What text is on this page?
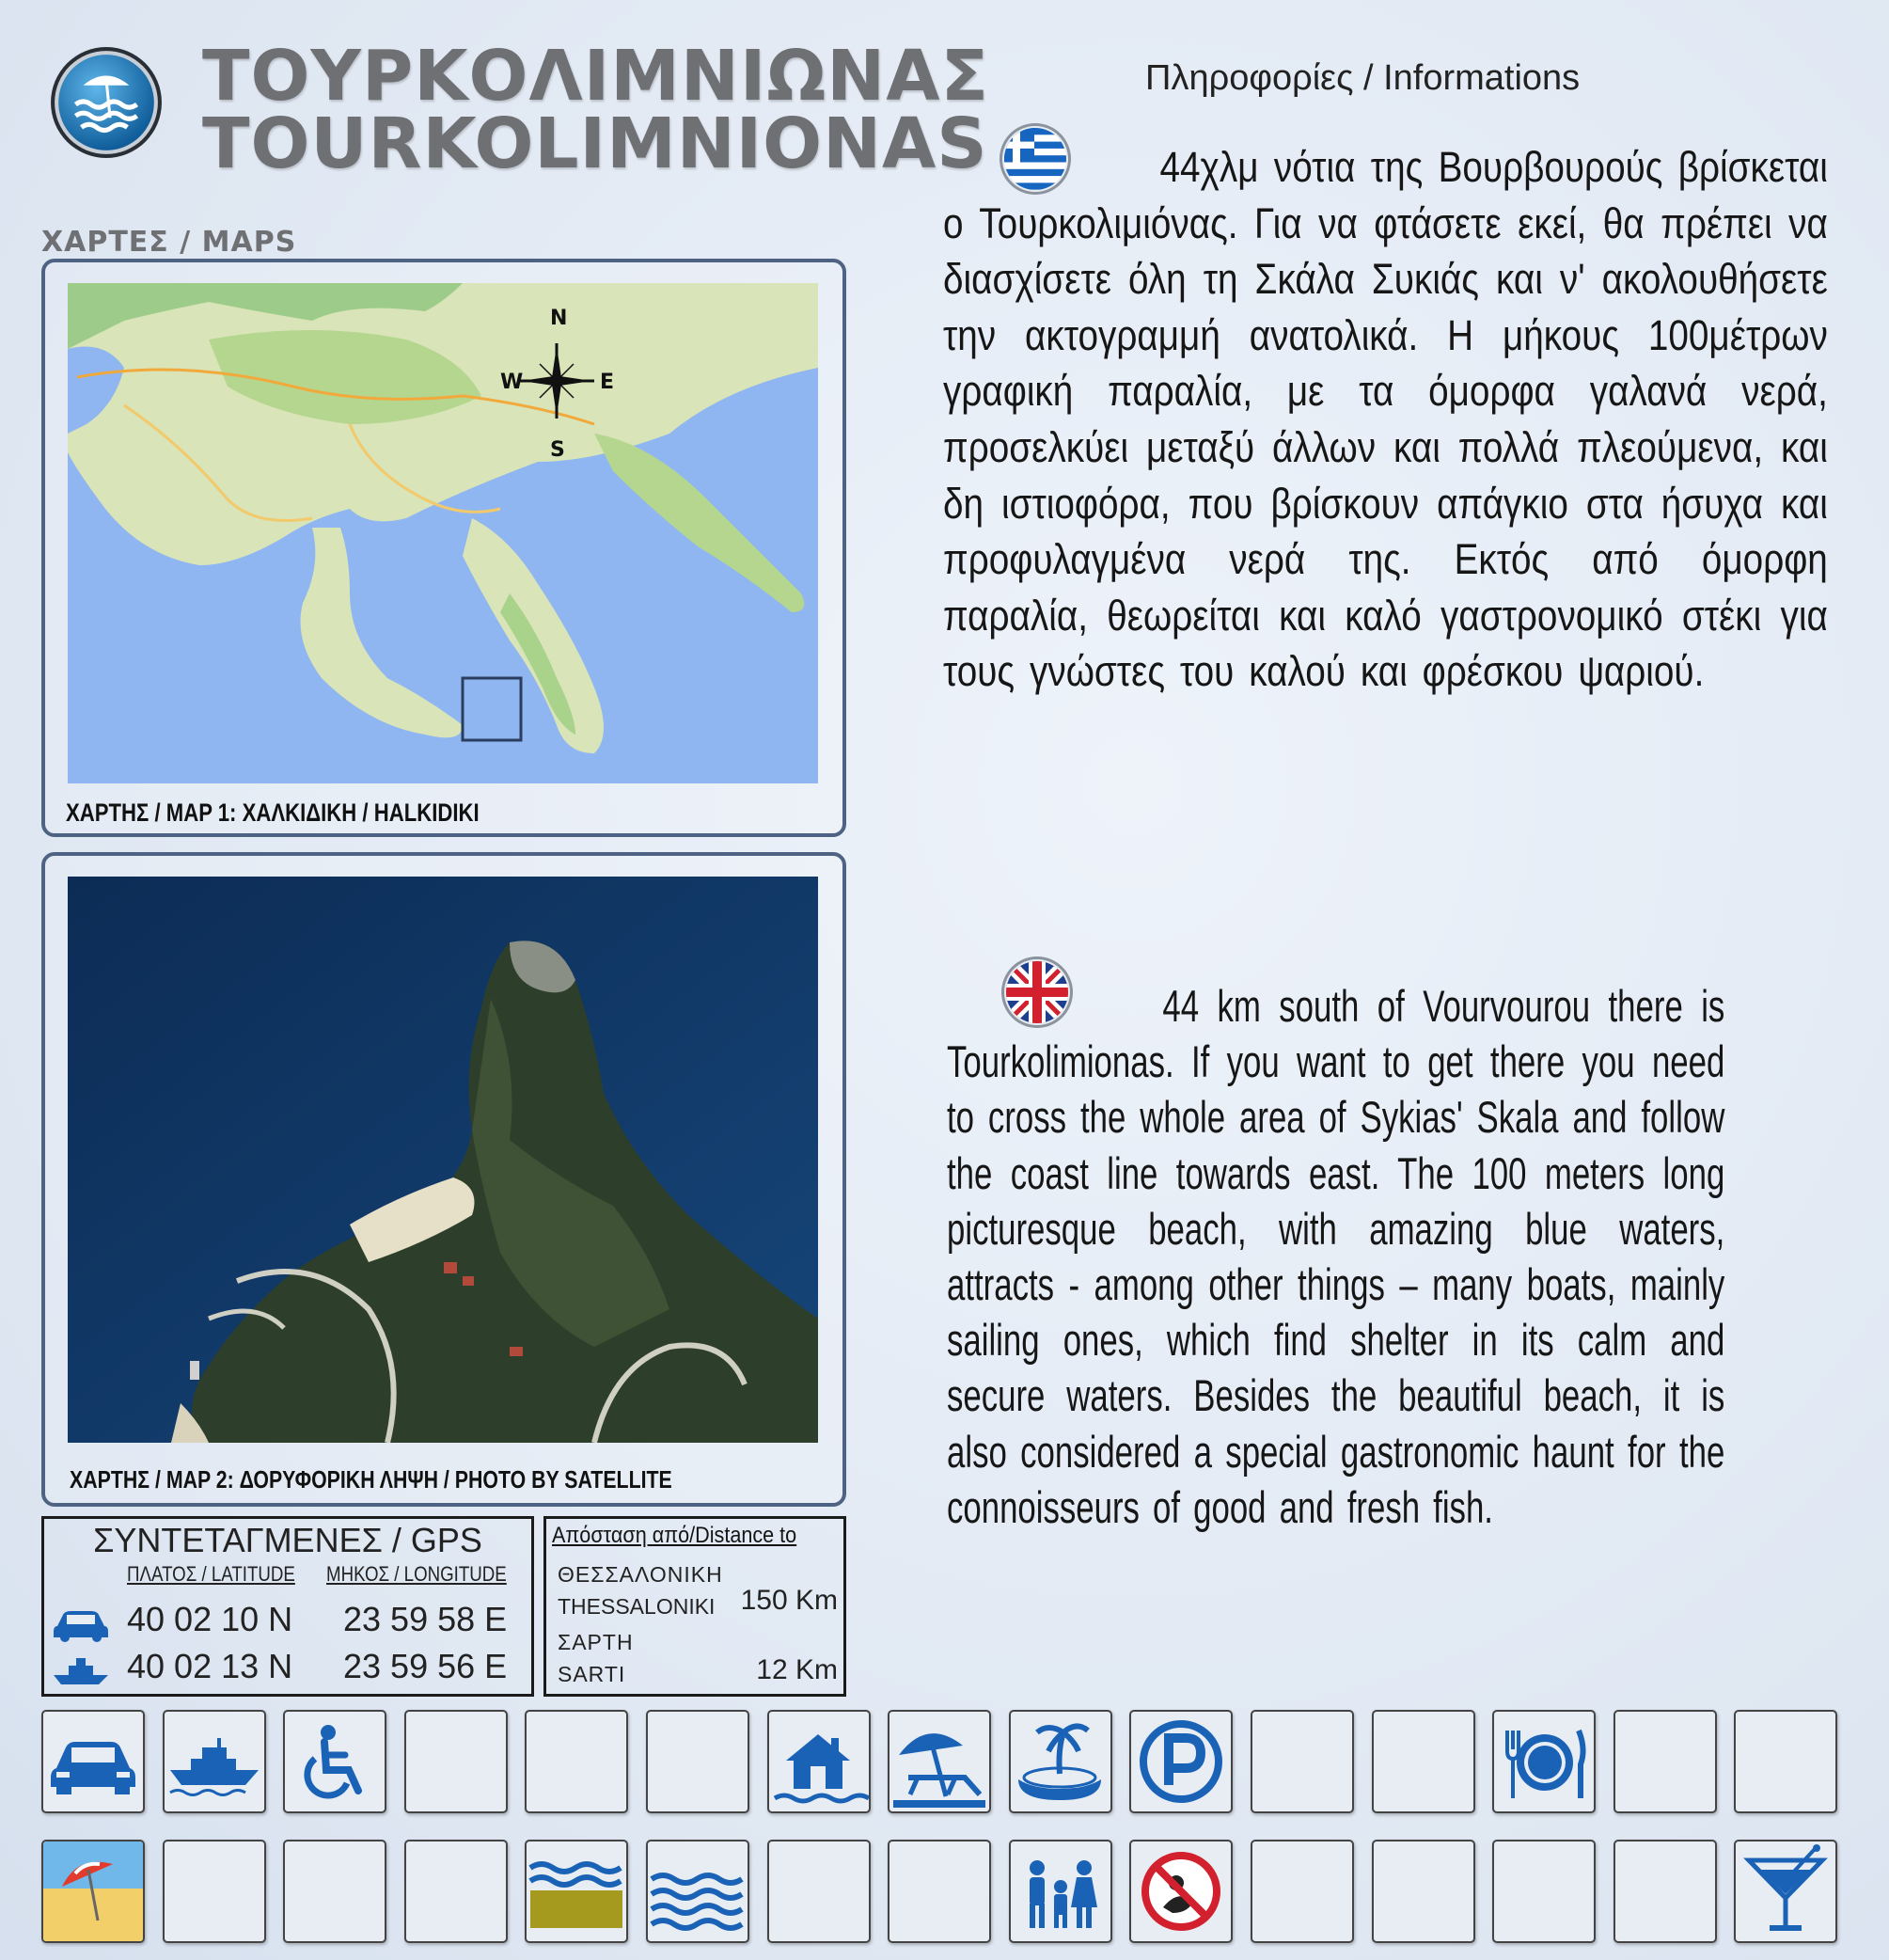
ΤΟΥΡΚΟΛΙΜΝΙΩΝΑΣ
TOURKOLIMNIONAS
ΧΑΡΤΕΣ / MAPS
N
S
E
W
ΧΑΡΤΗΣ / MAP 1: ΧΑΛΚΙΔΙΚΗ / HALKIDIKI
ΧΑΡΤΗΣ / MAP 2: ΔΟΡΥΦΟΡΙΚΗ ΛΗΨΗ / PHOTO BY SATELLITE
ΣΥΝΤΕΤΑΓΜΕΝΕΣ / GPS
ΠΛΑΤΟΣ / LATITUDE ΜΗΚΟΣ / LONGITUDE
40 02 10 N 23 59 58 E
40 02 13 N 23 59 56 E
Απόσταση από/Distance to
ΘΕΣΣΑΛΟΝΙΚΗ
THESSALONIKI 150 Km
ΣΑΡΤΗ
SARTI	12 Km
Πληροφορίες / Informations
44χλμ νότια της Βουρβουρούς βρίσκεται ο Τουρκολιμιόνας. Για να φτάσετε εκεί, θα πρέπει να διασχίσετε όλη τη Σκάλα Συκιάς και ν' ακολουθήσετε την ακτογραμμή ανατολικά. Η μήκους 100μέτρων γραφική παραλία, με τα όμορφα γαλανά νερά, προσελκύει μεταξύ άλλων και πολλά πλεούμενα, και δη ιστιοφόρα, που βρίσκουν απάγκιο στα ήσυχα και προφυλαγμένα νερά της. Εκτός από όμορφη παραλία, θεωρείται και καλό γαστρονομικό στέκι για τους γνώστες του καλού και φρέσκου ψαριού.
44 km south of Vourvourou there is Tourkolimionas. If you want to get there you need to cross the whole area of Sykias' Skala and follow the coast line towards east. The 100 meters long picturesque beach, with amazing blue waters, attracts - among other things – many boats, mainly sailing ones, which find shelter in its calm and secure waters. Besides the beautiful beach, it is also considered a special gastronomic haunt for the connoisseurs of good and fresh fish.
